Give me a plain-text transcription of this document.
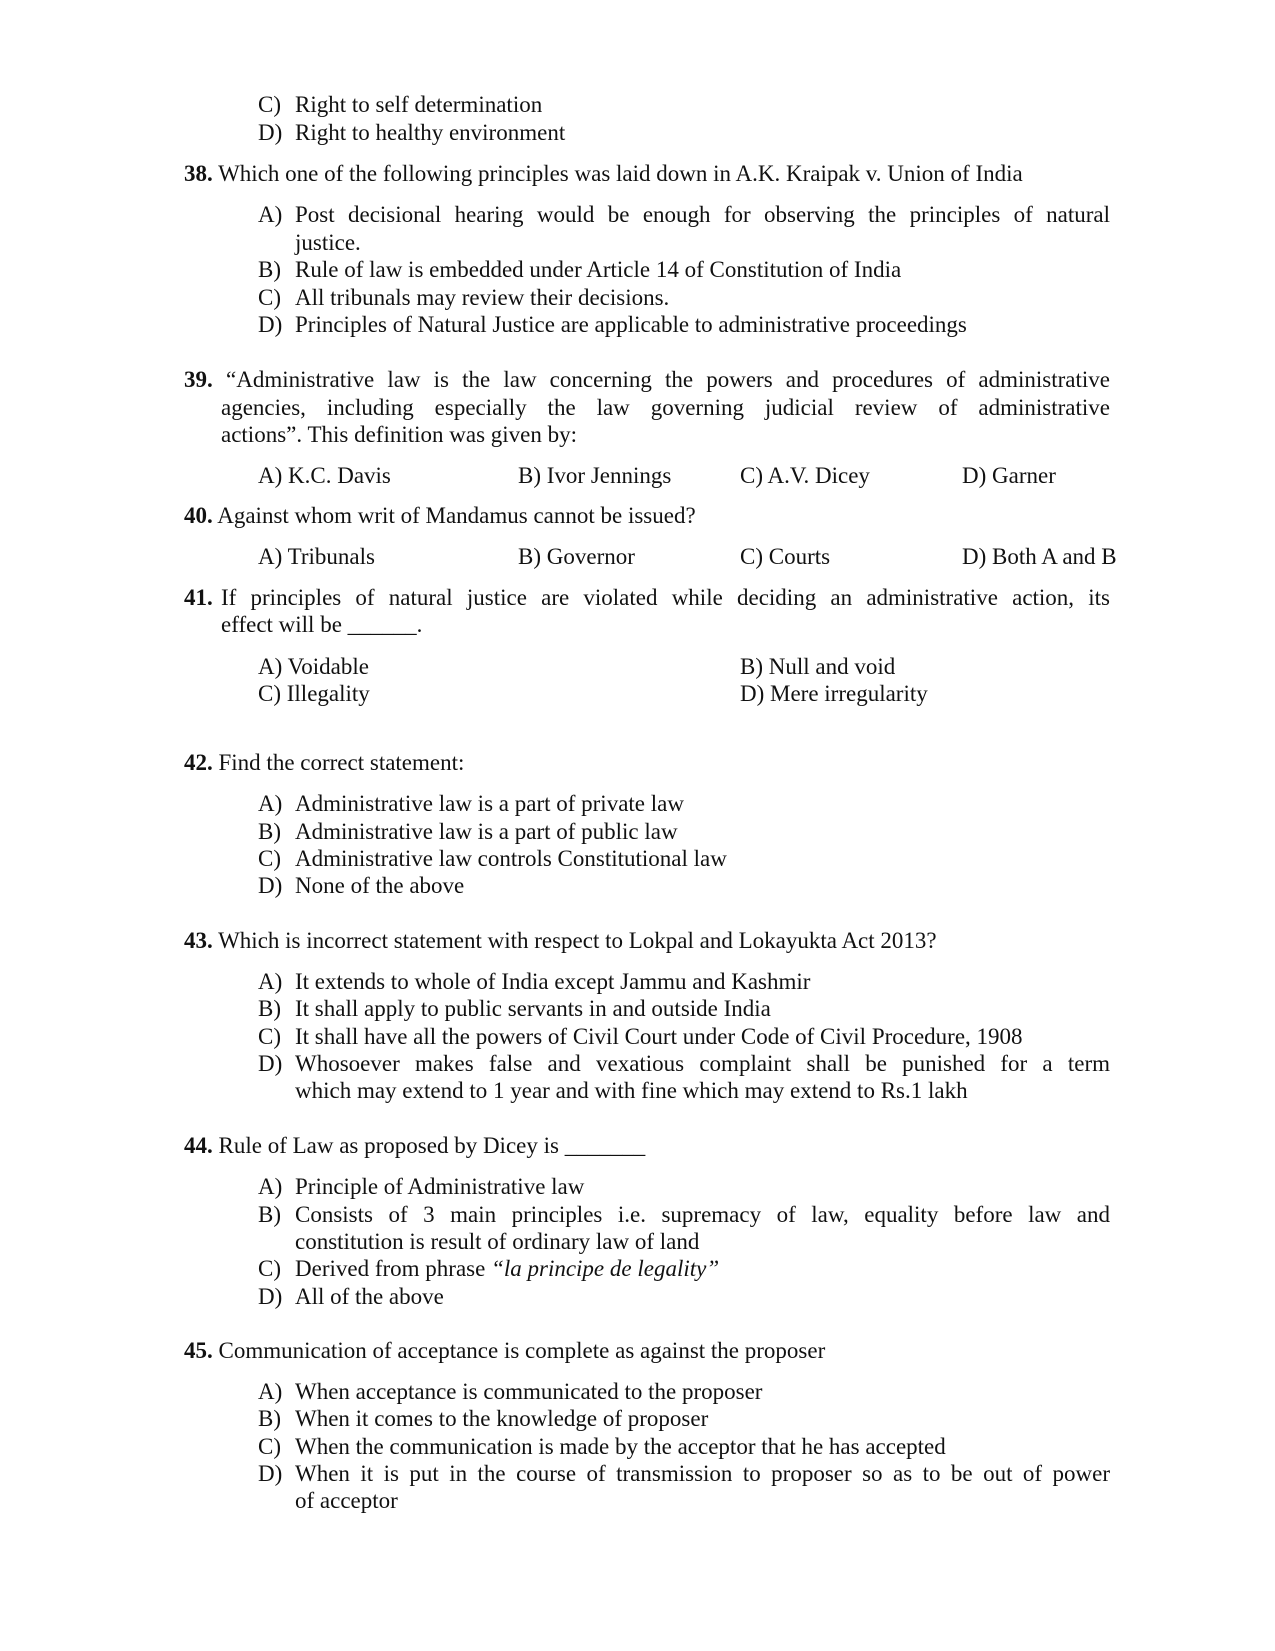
C) Right to self determination
D) Right to healthy environment
38. Which one of the following principles was laid down in A.K. Kraipak v. Union of India
A) Post decisional hearing would be enough for observing the principles of natural
justice.
B) Rule of law is embedded under Article 14 of Constitution of India
C) All tribunals may review their decisions.
D) Principles of Natural Justice are applicable to administrative proceedings
39. “Administrative law is the law concerning the powers and procedures of administrative
agencies, including especially the law governing judicial review of administrative
actions”. This definition was given by:
A) K.C. Davis	B) Ivor Jennings	C) A.V. Dicey	D) Garner
40. Against whom writ of Mandamus cannot be issued?
A) Tribunals	B) Governor	C) Courts	D) Both A and B
41. If principles of natural justice are violated while deciding an administrative action, its
effect will be ______.
A) Voidable	B) Null and void
C) Illegality	D) Mere irregularity
42. Find the correct statement:
A) Administrative law is a part of private law
B) Administrative law is a part of public law
C) Administrative law controls Constitutional law
D) None of the above
43. Which is incorrect statement with respect to Lokpal and Lokayukta Act 2013?
A) It extends to whole of India except Jammu and Kashmir
B) It shall apply to public servants in and outside India
C) It shall have all the powers of Civil Court under Code of Civil Procedure, 1908
D) Whosoever makes false and vexatious complaint shall be punished for a term
which may extend to 1 year and with fine which may extend to Rs.1 lakh
44. Rule of Law as proposed by Dicey is _______
A) Principle of Administrative law
B) Consists of 3 main principles i.e. supremacy of law, equality before law and
constitution is result of ordinary law of land
C) Derived from phrase “la principe de legality”
D) All of the above
45. Communication of acceptance is complete as against the proposer
A) When acceptance is communicated to the proposer
B) When it comes to the knowledge of proposer
C) When the communication is made by the acceptor that he has accepted
D) When it is put in the course of transmission to proposer so as to be out of power
of acceptor
